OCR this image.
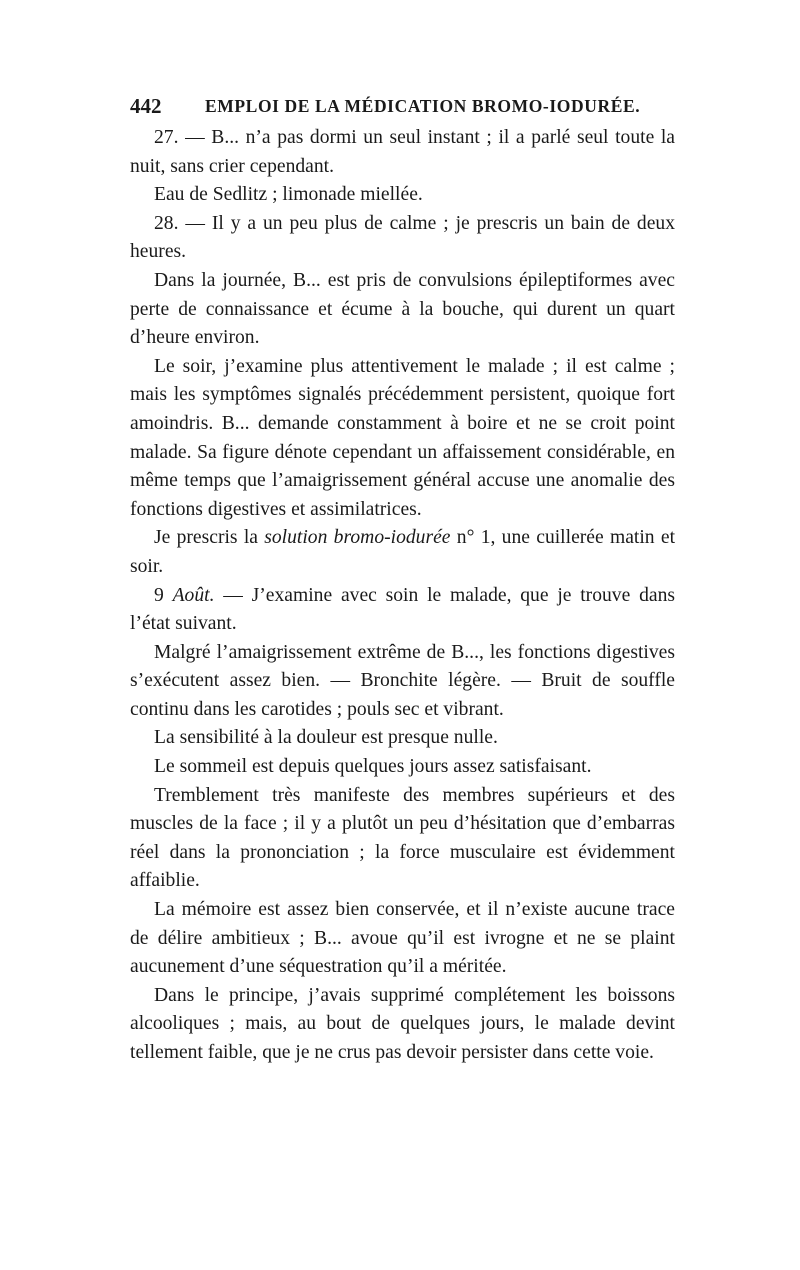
442 EMPLOI DE LA MÉDICATION BROMO-IODURÉE.

27. — B... n’a pas dormi un seul instant ; il a parlé seul toute la nuit, sans crier cependant.

Eau de Sedlitz ; limonade miellée.

28. — Il y a un peu plus de calme ; je prescris un bain de deux heures.

Dans la journée, B... est pris de convulsions épileptiformes avec perte de connaissance et écume à la bouche, qui durent un quart d’heure environ.

Le soir, j’examine plus attentivement le malade ; il est calme ; mais les symptômes signalés précédemment persistent, quoique fort amoindris. B... demande constamment à boire et ne se croit point malade. Sa figure dénote cependant un affaissement considérable, en même temps que l’amaigrissement général accuse une anomalie des fonctions digestives et assimilatrices.

Je prescris la solution bromo-iodurée n° 1, une cuillerée matin et soir.

9 Août. — J’examine avec soin le malade, que je trouve dans l’état suivant.

Malgré l’amaigrissement extrême de B..., les fonctions digestives s’exécutent assez bien. — Bronchite légère. — Bruit de souffle continu dans les carotides ; pouls sec et vibrant.

La sensibilité à la douleur est presque nulle.

Le sommeil est depuis quelques jours assez satisfaisant.

Tremblement très manifeste des membres supérieurs et des muscles de la face ; il y a plutôt un peu d’hésitation que d’embarras réel dans la prononciation ; la force musculaire est évidemment affaiblie.

La mémoire est assez bien conservée, et il n’existe aucune trace de délire ambitieux ; B... avoue qu’il est ivrogne et ne se plaint aucunement d’une séquestration qu’il a méritée.

Dans le principe, j’avais supprimé complétement les boissons alcooliques ; mais, au bout de quelques jours, le malade devint tellement faible, que je ne crus pas devoir persister dans cette voie.
